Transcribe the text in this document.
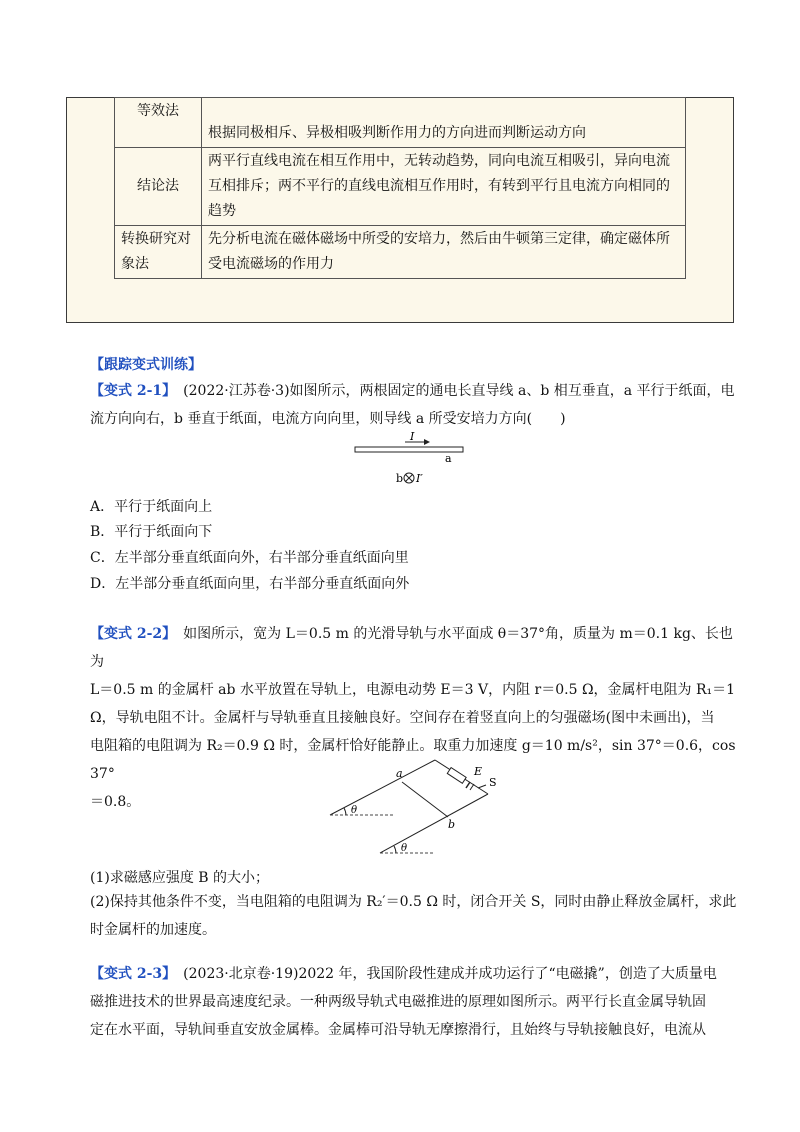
等效法	根据同极相斥、异极相吸判断作用力的方向进而判断运动方向
结论法	两平行直线电流在相互作用中，无转动趋势，同向电流互相吸引，异向电流互相排斥；两不平行的直线电流相互作用时，有转到平行且电流方向相同的趋势
转换研究对象法	先分析电流在磁体磁场中所受的安培力，然后由牛顿第三定律，确定磁体所受电流磁场的作用力
【跟踪变式训练】
【变式 2-1】　 (2022·江苏卷·3)如图所示，两根固定的通电长直导线 a、b 相互垂直，a 平行于纸面，电
流方向向右，b 垂直于纸面，电流方向向里，则导线 a 所受安培力方向(　　)
I
a
b I′
A．平行于纸面向上
B．平行于纸面向下
C．左半部分垂直纸面向外，右半部分垂直纸面向里
D．左半部分垂直纸面向里，右半部分垂直纸面向外
【变式 2-2】　如图所示，宽为 L＝0.5 m 的光滑导轨与水平面成 θ＝37°角，质量为 m＝0.1 kg、长也为
L＝0.5 m 的金属杆 ab 水平放置在导轨上，电源电动势 E＝3 V，内阻 r＝0.5 Ω，金属杆电阻为 R₁＝1
Ω，导轨电阻不计。金属杆与导轨垂直且接触良好。空间存在着竖直向上的匀强磁场(图中未画出)，当
电阻箱的电阻调为 R₂＝0.9 Ω 时，金属杆恰好能静止。取重力加速度 g＝10 m/s²，sin 37°＝0.6，cos 37°
＝0.8。
a
b
E
S
θ
θ
(1)求磁感应强度 B 的大小；
(2)保持其他条件不变，当电阻箱的电阻调为 R₂′＝0.5 Ω 时，闭合开关 S，同时由静止释放金属杆，求此
时金属杆的加速度。
【变式 2-3】　(2023·北京卷·19)2022 年，我国阶段性建成并成功运行了“电磁撬”，创造了大质量电
磁推进技术的世界最高速度纪录。一种两级导轨式电磁推进的原理如图所示。两平行长直金属导轨固
定在水平面，导轨间垂直安放金属棒。金属棒可沿导轨无摩擦滑行，且始终与导轨接触良好，电流从
